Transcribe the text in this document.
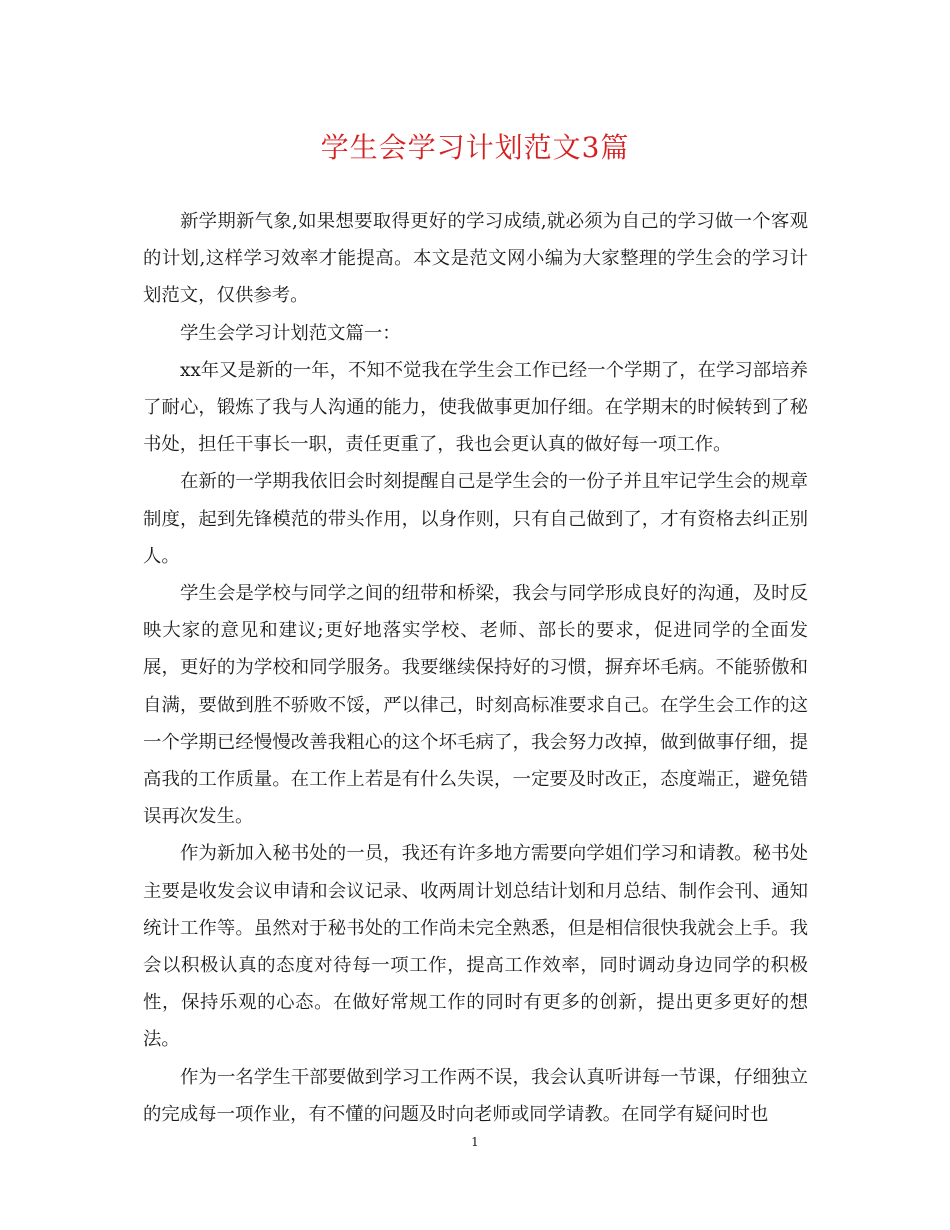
学生会学习计划范文3篇

新学期新气象,如果想要取得更好的学习成绩,就必须为自己的学习做一个客观的计划,这样学习效率才能提高。本文是范文网小编为大家整理的学生会的学习计划范文，仅供参考。

学生会学习计划范文篇一：

xx年又是新的一年，不知不觉我在学生会工作已经一个学期了，在学习部培养了耐心，锻炼了我与人沟通的能力，使我做事更加仔细。在学期末的时候转到了秘书处，担任干事长一职，责任更重了，我也会更认真的做好每一项工作。

在新的一学期我依旧会时刻提醒自己是学生会的一份子并且牢记学生会的规章制度，起到先锋模范的带头作用，以身作则，只有自己做到了，才有资格去纠正别人。

学生会是学校与同学之间的纽带和桥梁，我会与同学形成良好的沟通，及时反映大家的意见和建议;更好地落实学校、老师、部长的要求，促进同学的全面发展，更好的为学校和同学服务。我要继续保持好的习惯，摒弃坏毛病。不能骄傲和自满，要做到胜不骄败不馁，严以律己，时刻高标准要求自己。在学生会工作的这一个学期已经慢慢改善我粗心的这个坏毛病了，我会努力改掉，做到做事仔细，提高我的工作质量。在工作上若是有什么失误，一定要及时改正，态度端正，避免错误再次发生。

作为新加入秘书处的一员，我还有许多地方需要向学姐们学习和请教。秘书处主要是收发会议申请和会议记录、收两周计划总结计划和月总结、制作会刊、通知统计工作等。虽然对于秘书处的工作尚未完全熟悉，但是相信很快我就会上手。我会以积极认真的态度对待每一项工作，提高工作效率，同时调动身边同学的积极性，保持乐观的心态。在做好常规工作的同时有更多的创新，提出更多更好的想法。

作为一名学生干部要做到学习工作两不误，我会认真听讲每一节课，仔细独立的完成每一项作业，有不懂的问题及时向老师或同学请教。在同学有疑问时也

1
